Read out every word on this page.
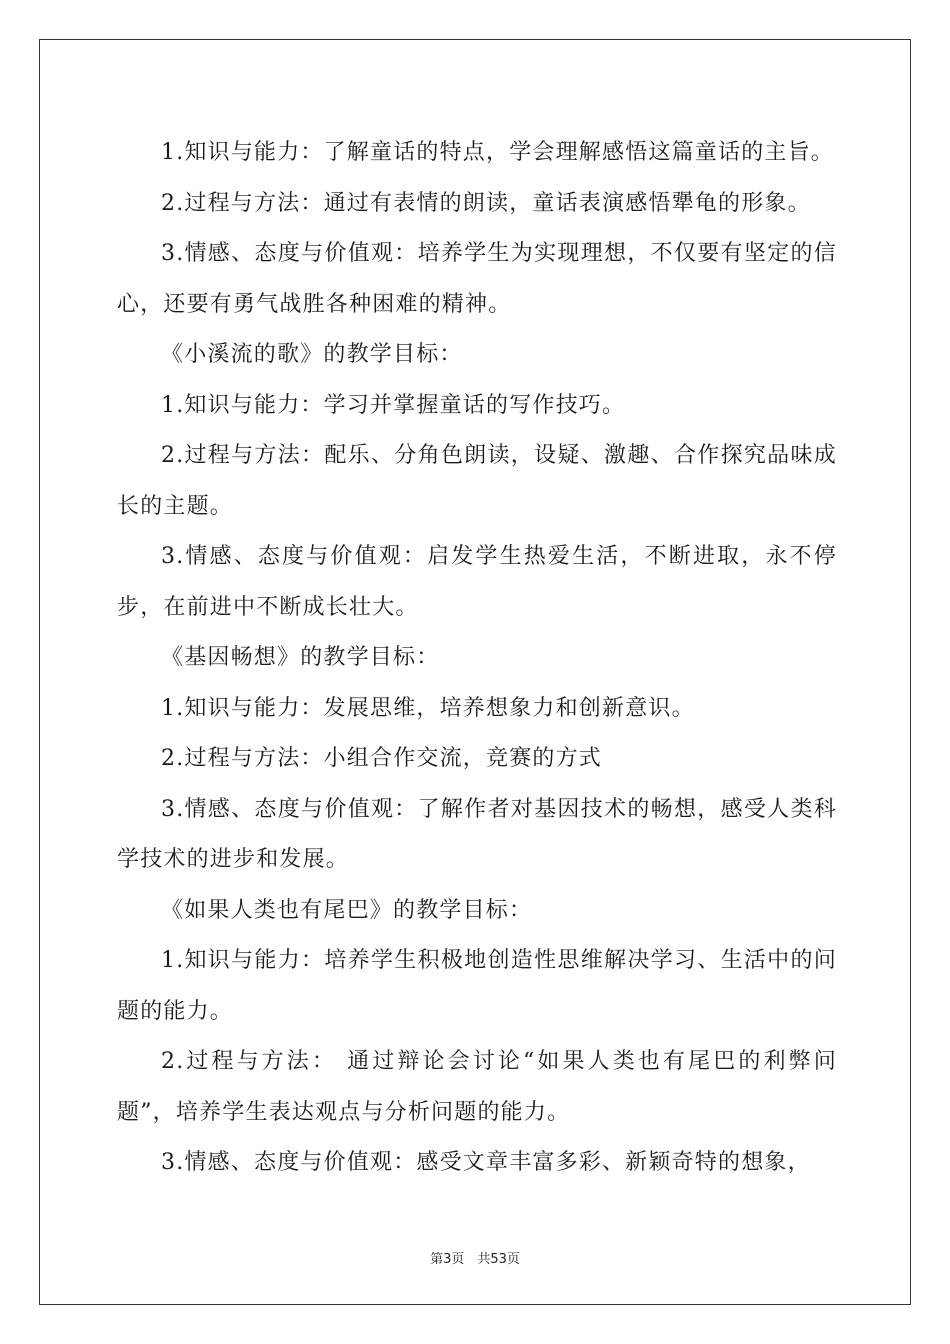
1.知识与能力：了解童话的特点，学会理解感悟这篇童话的主旨。

2.过程与方法：通过有表情的朗读，童话表演感悟犟龟的形象。

3.情感、态度与价值观：培养学生为实现理想，不仅要有坚定的信心，还要有勇气战胜各种困难的精神。

《小溪流的歌》的教学目标：

1.知识与能力：学习并掌握童话的写作技巧。

2.过程与方法：配乐、分角色朗读，设疑、激趣、合作探究品味成长的主题。

3.情感、态度与价值观：启发学生热爱生活，不断进取，永不停步，在前进中不断成长壮大。

《基因畅想》的教学目标：

1.知识与能力：发展思维，培养想象力和创新意识。

2.过程与方法：小组合作交流，竞赛的方式

3.情感、态度与价值观：了解作者对基因技术的畅想，感受人类科学技术的进步和发展。

《如果人类也有尾巴》的教学目标：

1.知识与能力：培养学生积极地创造性思维解决学习、生活中的问题的能力。

2.过程与方法： 通过辩论会讨论“如果人类也有尾巴的利弊问题”，培养学生表达观点与分析问题的能力。

3.情感、态度与价值观：感受文章丰富多彩、新颖奇特的想象，

第3页　共53页
